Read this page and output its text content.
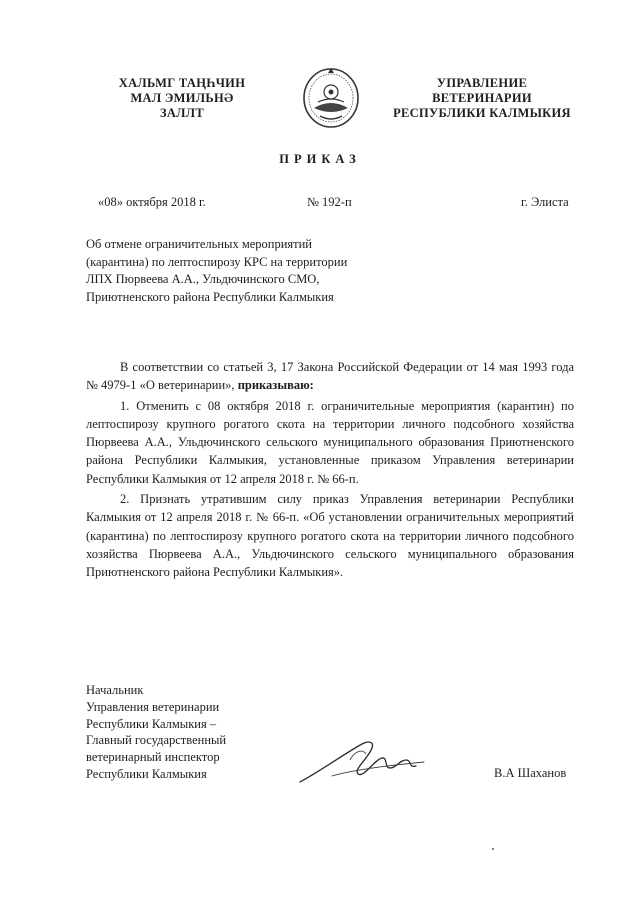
ХАЛЬМГ ТАҢҺЧИН
МАЛ ЭМИЛЬНӘ
ЗАЛЛТ
УПРАВЛЕНИЕ
ВЕТЕРИНАРИИ
РЕСПУБЛИКИ КАЛМЫКИЯ
ПРИКАЗ
«08» октября 2018 г.	№ 192-п	г. Элиста
Об отмене ограничительных мероприятий
(карантина) по лептоспирозу КРС на территории
ЛПХ Пюрвеева А.А., Ульдючинского СМО,
Приютненского района Республики Калмыкия

В соответствии со статьей 3, 17 Закона Российской Федерации от 14 мая 1993 года № 4979-1 «О ветеринарии», приказываю:

1. Отменить с 08 октября 2018 г. ограничительные мероприятия (карантин) по лептоспирозу крупного рогатого скота на территории личного подсобного хозяйства Пюрвеева А.А., Ульдючинского сельского муниципального образования Приютненского района Республики Калмыкия, установленные приказом Управления ветеринарии Республики Калмыкия от 12 апреля 2018 г. № 66-п.

2. Признать утратившим силу приказ Управления ветеринарии Республики Калмыкия от 12 апреля 2018 г. № 66-п. «Об установлении ограничительных мероприятий (карантина) по лептоспирозу крупного рогатого скота на территории личного подсобного хозяйства Пюрвеева А.А., Ульдючинского сельского муниципального образования Приютненского района Республики Калмыкия».

Начальник
Управления ветеринарии
Республики Калмыкия –
Главный государственный
ветеринарный инспектор
Республики Калмыкия	В.А Шаханов
